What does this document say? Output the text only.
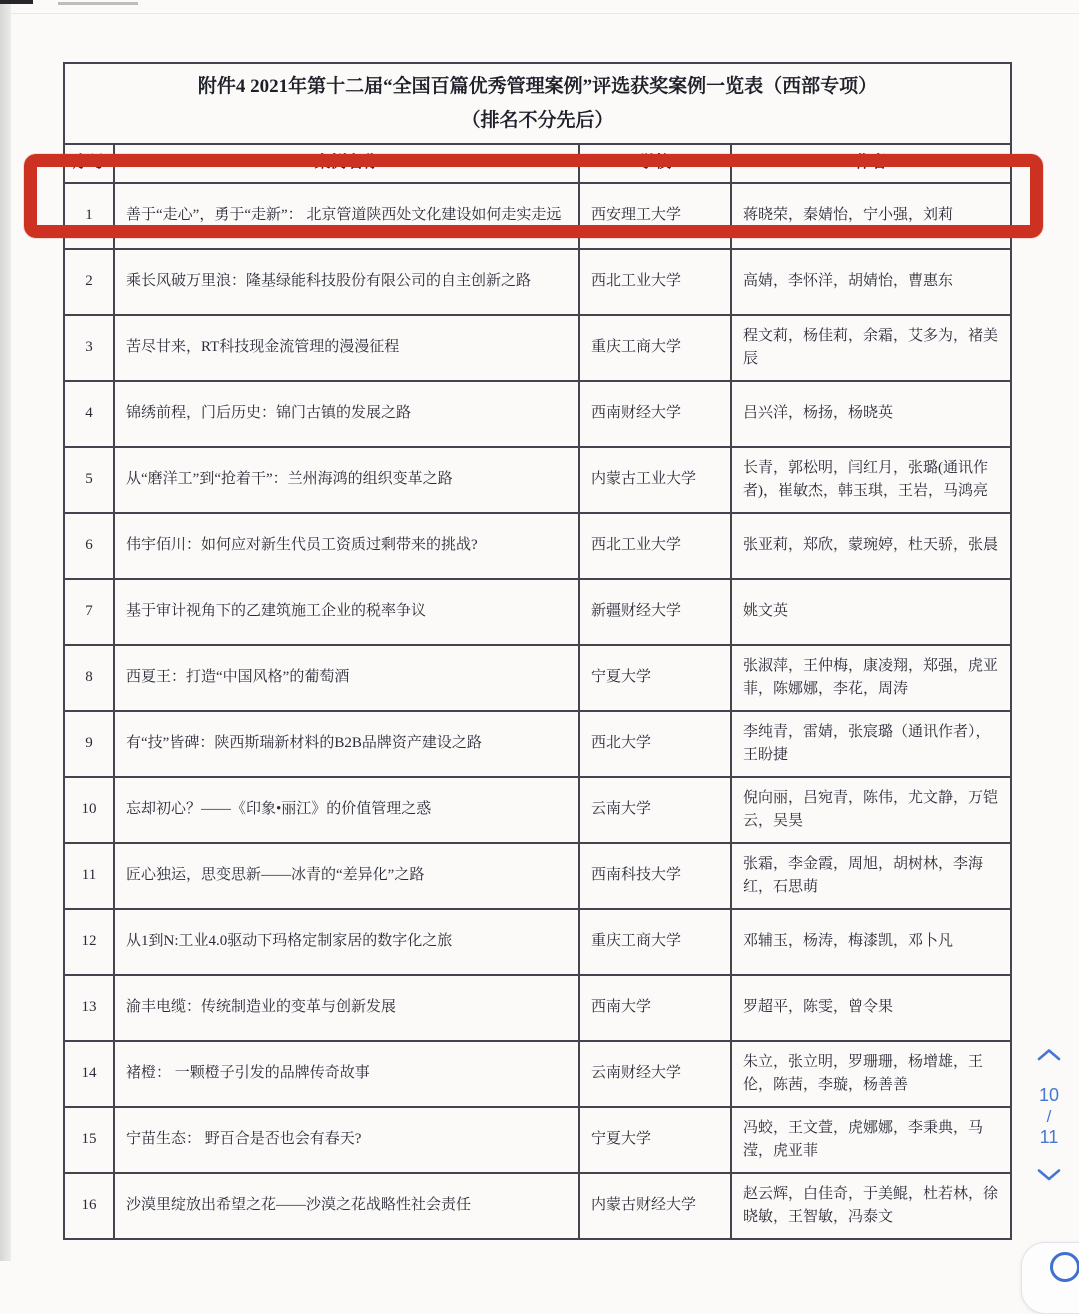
附件4 2021年第十二届“全国百篇优秀管理案例”评选获奖案例一览表（西部专项）
（排名不分先后）			

序号	案例名称	学校	作者
1	善于“走心”，勇于“走新”： 北京管道陕西处文化建设如何走实走远	西安理工大学	蒋晓荣，秦婧怡，宁小强，刘莉
2	乘长风破万里浪：隆基绿能科技股份有限公司的自主创新之路	西北工业大学	高婧，李怀洋，胡婧怡，曹惠东
3	苦尽甘来，RT科技现金流管理的漫漫征程	重庆工商大学	程文莉，杨佳莉，余霜，艾多为，褚美辰
4	锦绣前程，门后历史：锦门古镇的发展之路	西南财经大学	吕兴洋，杨扬，杨晓英
5	从“磨洋工”到“抢着干”：兰州海鸿的组织变革之路	内蒙古工业大学	长青，郭松明，闫红月，张璐(通讯作者)，崔敏杰，韩玉琪，王岩，马鸿亮
6	伟宇佰川：如何应对新生代员工资质过剩带来的挑战?	西北工业大学	张亚莉，郑欣，蒙琬婷，杜天骄，张晨
7	基于审计视角下的乙建筑施工企业的税率争议	新疆财经大学	姚文英
8	西夏王：打造“中国风格”的葡萄酒	宁夏大学	张淑萍，王仲梅，康凌翔，郑强，虎亚菲，陈娜娜，李花，周涛
9	有“技”皆碑：陕西斯瑞新材料的B2B品牌资产建设之路	西北大学	李纯青，雷婧，张宸璐（通讯作者），王盼捷
10	忘却初心？——《印象•丽江》的价值管理之惑	云南大学	倪向丽，吕宛青，陈伟，尤文静，万铠云，吴昊
11	匠心独运，思变思新——冰青的“差异化”之路	西南科技大学	张霜，李金霞，周旭，胡树林，李海红，石思萌
12	从1到N:工业4.0驱动下玛格定制家居的数字化之旅	重庆工商大学	邓辅玉，杨涛，梅漆凯，邓卜凡
13	渝丰电缆：传统制造业的变革与创新发展	西南大学	罗超平，陈雯，曾令果
14	褚橙： 一颗橙子引发的品牌传奇故事	云南财经大学	朱立，张立明，罗珊珊，杨增雄，王伦，陈茜，李璇，杨善善
15	宁苗生态： 野百合是否也会有春天?	宁夏大学	冯蛟，王文萱，虎娜娜，李秉典，马滢，虎亚菲
16	沙漠里绽放出希望之花——沙漠之花战略性社会责任	内蒙古财经大学	赵云辉，白佳奇，于美鲲，杜若林，徐晓敏，王智敏，冯泰文
10
/
11
